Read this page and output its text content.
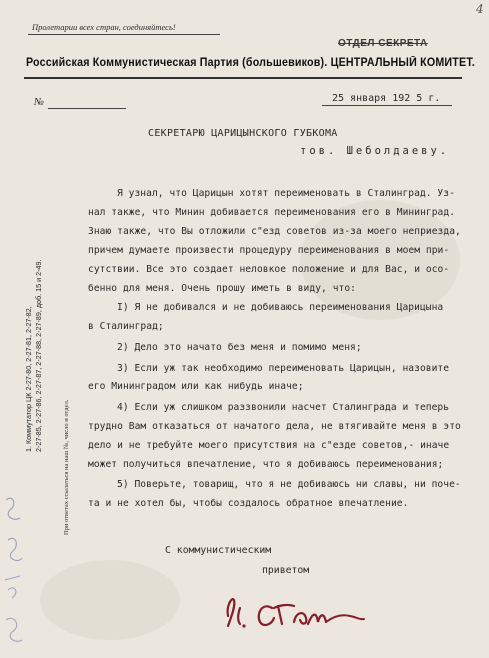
4
Пролетарии всех стран, соединяйтесь!
ОТДЕЛ СЕКРЕТА
Российская Коммунистическая Партия (большевиков). ЦЕНТРАЛЬНЫЙ КОМИТЕТ.
№	25 января 192 5 г.
СЕКРЕТАРЮ ЦАРИЦЫНСКОГО ГУБКОМА
тов. Шеболдаеву.
Я узнал, что Царицын хотят переименовать в Сталинград. Уз-
нал также, что Минин добивается переименования его в Мининград.
Знаю также, что Вы отложили с"езд советов из-за моего неприезда,
причем думаете произвести процедуру переименования в моем при-
сутствии. Все это создает неловкое положение и для Вас, и осо-
бенно для меня. Очень прошу иметь в виду, что:
I) Я не добивался и не добиваюсь переименования Царицына
в Сталинград;
2) Дело это начато без меня и помимо меня;
3) Если уж так необходимо переименовать Царицын, назовите
его Мининградом или как нибудь иначе;
4) Если уж слишком раззвонили насчет Сталинграда и теперь
трудно Вам отказаться от начатого дела, не втягивайте меня в это
дело и не требуйте моего присутствия на с"езде советов,- иначе
может получиться впечатление, что я добиваюсь переименования;
5) Поверьте, товарищ, что я не добиваюсь ни славы, ни поче-
та и не хотел бы, чтобы создалось обратное впечатление.
С коммунистическим
приветом
1. Коммутатор ЦК 2-27-80, 2-27-81, 2-27-82, 2-27-85, 2-27-86, 2-27-87, 2-27-88, 2-27-89, доб. 15 и 2-49.
При ответах ссылаться на наш №, число и отдел.
